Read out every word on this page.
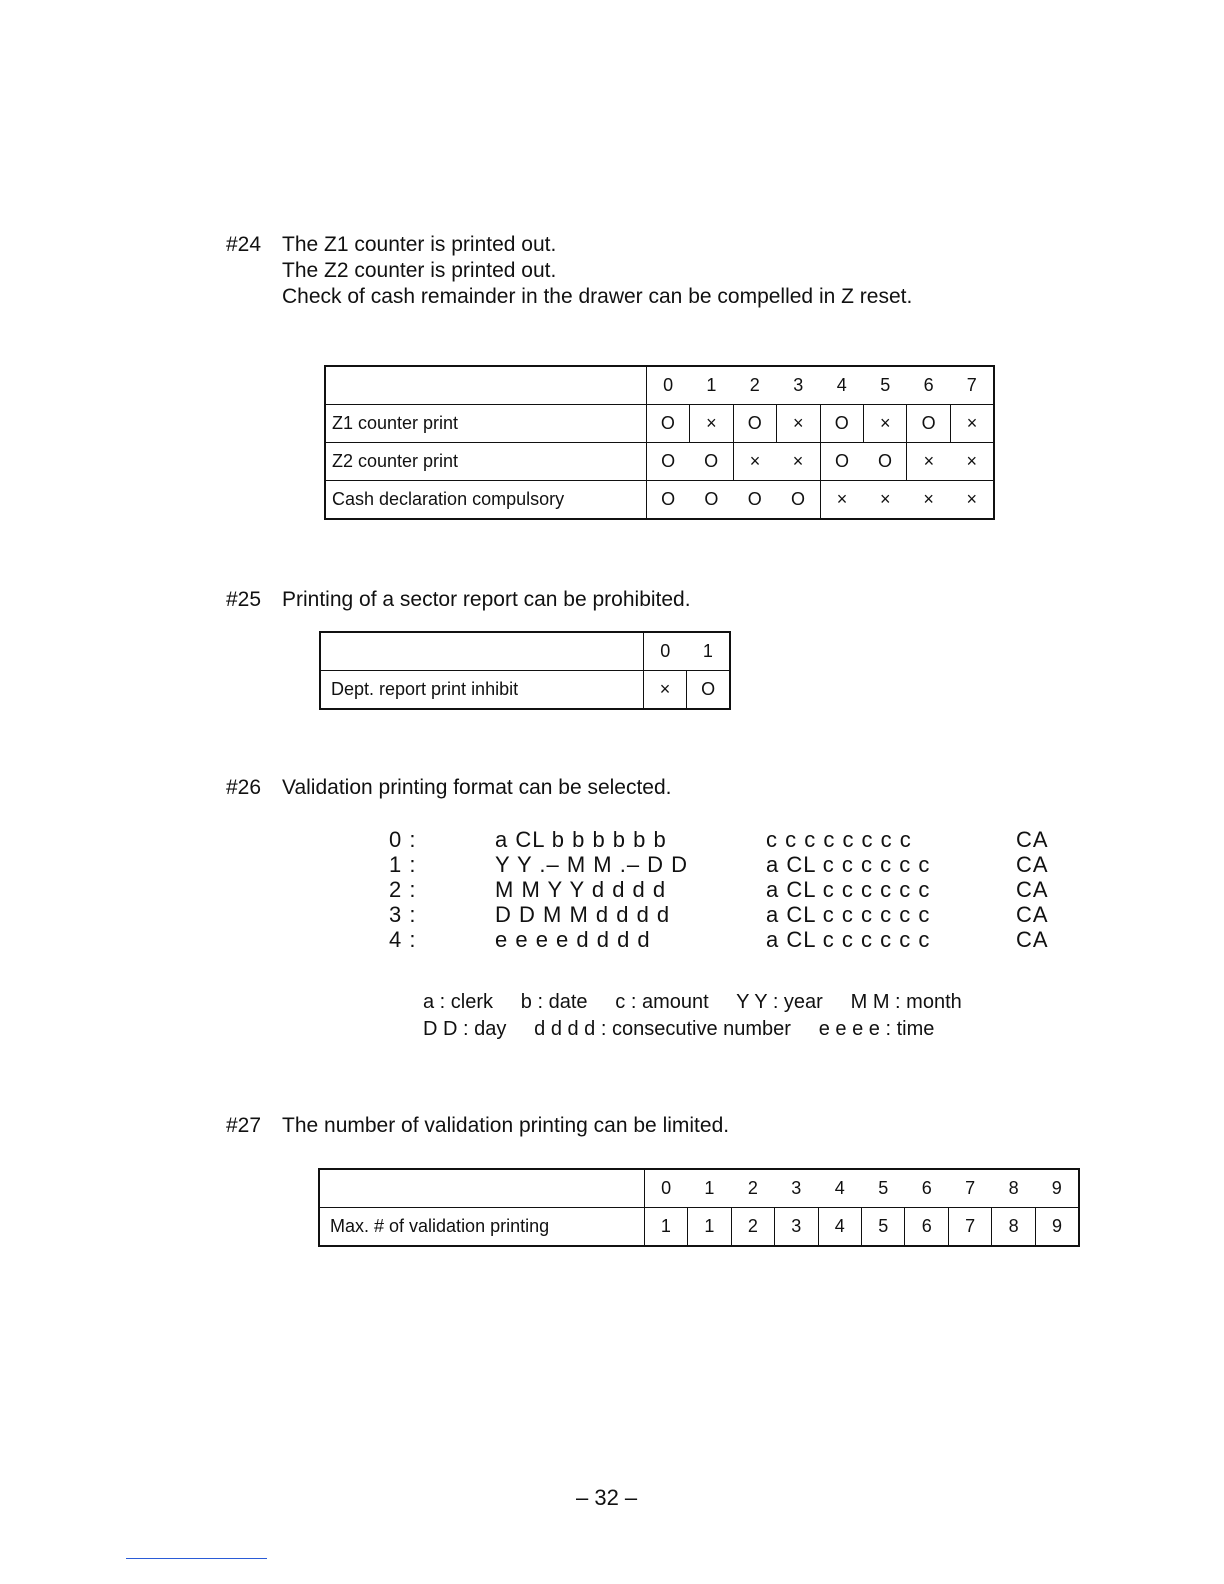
#24 The Z1 counter is printed out.
The Z2 counter is printed out.
Check of cash remainder in the drawer can be compelled in Z reset.
	0	1	2	3	4	5	6	7
Z1 counter print	O	×	O	×	O	×	O	×
Z2 counter print	O	O	×	×	O	O	×	×
Cash declaration compulsory	O	O	O	O	×	×	×	×
#25 Printing of a sector report can be prohibited.
	0	1
Dept. report print inhibit	×	O
#26 Validation printing format can be selected.
0 :	a CL b b b b b b	c c c c c c c c	CA
1 :	Y Y .– M M .– D D	a CL c c c c c c	CA
2 :	M M Y Y d d d d	a CL c c c c c c	CA
3 :	D D M M d d d d	a CL c c c c c c	CA
4 :	e e e e d d d d	a CL c c c c c c	CA
a : clerk     b : date     c : amount     Y Y : year     M M : month
D D : day     d d d d : consecutive number     e e e e : time
#27 The number of validation printing can be limited.
	0	1	2	3	4	5	6	7	8	9
Max. # of validation printing	1	1	2	3	4	5	6	7	8	9
– 32 –
